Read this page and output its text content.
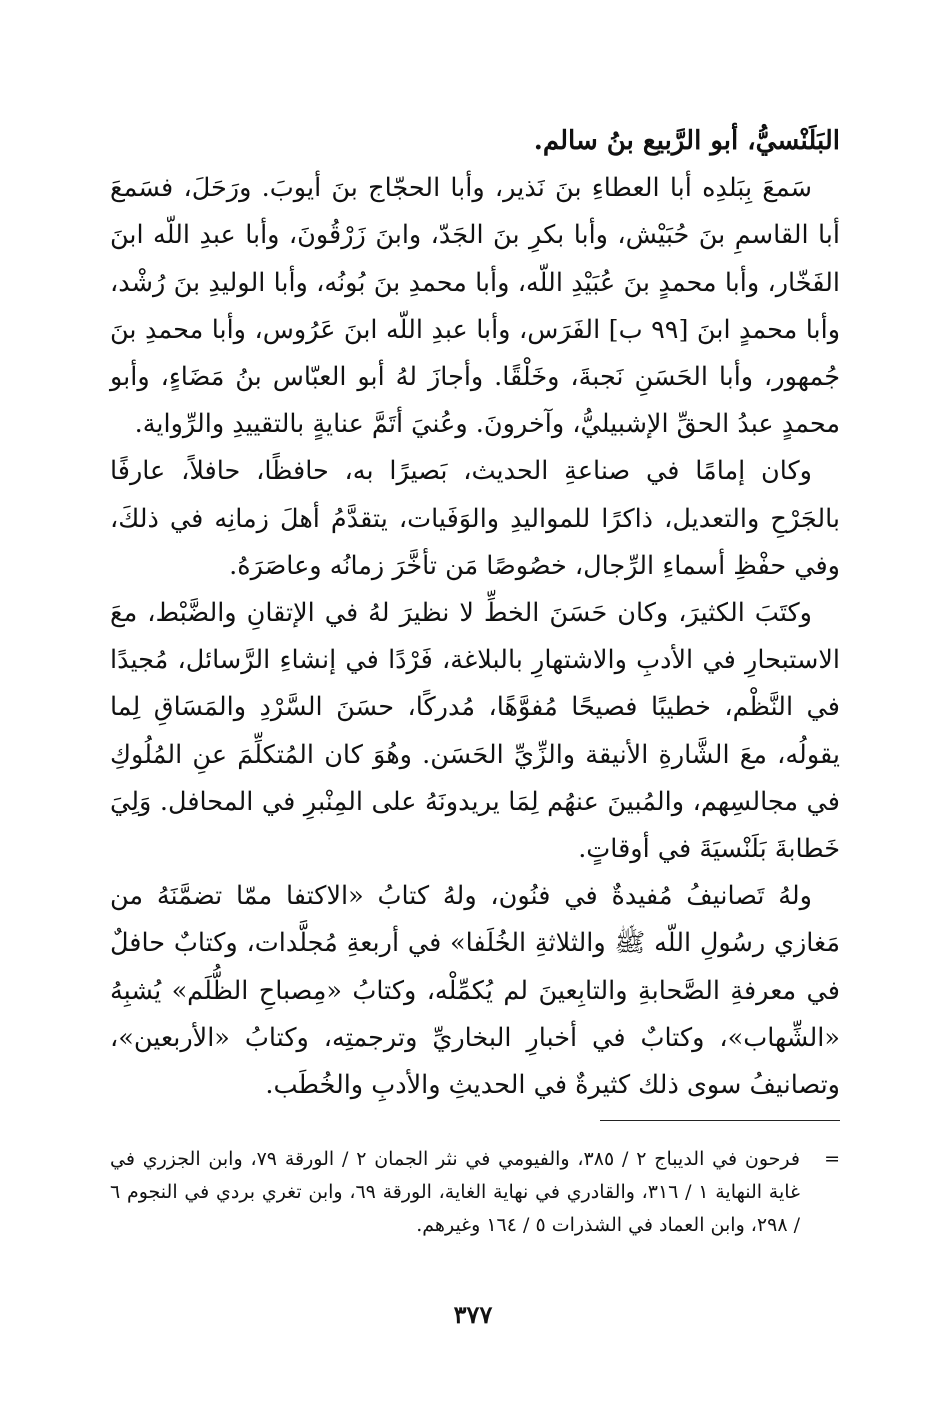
البَلَنْسيُّ، أبو الرَّبيع بنُ سالم.

سَمعَ بِبَلدِه أبا العطاءِ بنَ نَذير، وأبا الحجّاج بنَ أيوبَ. ورَحَلَ، فسَمعَ أبا القاسمِ بنَ حُبَيْش، وأبا بكرِ بنَ الجَدّ، وابنَ زَرْقُونَ، وأبا عبدِ اللّه ابنَ الفَخّار، وأبا محمدٍ بنَ عُبَيْدِ اللّه، وأبا محمدِ بنَ بُونُه، وأبا الوليدِ بنَ رُشْد، وأبا محمدٍ ابنَ [٩٩ ب] الفَرَس، وأبا عبدِ اللّه ابنَ عَرُوس، وأبا محمدِ بنَ جُمهور، وأبا الحَسَنِ نَجبةَ، وخَلْقًا. وأجازَ لهُ أبو العبّاس بنُ مَضَاءٍ، وأبو محمدٍ عبدُ الحقِّ الإشبيليُّ، وآخرونَ. وعُنيَ أتَمَّ عنايةٍ بالتقييدِ والرِّواية.

وكان إمامًا في صناعةِ الحديث، بَصيرًا به، حافظًا، حافلاً، عارفًا بالجَرْحِ والتعديل، ذاكرًا للمواليدِ والوَفَيات، يتقدَّمُ أهلَ زمانِه في ذلكَ، وفي حفْظِ أسماءِ الرِّجال، خصُوصًا مَن تأخَّرَ زمانُه وعاصَرَهُ.

وكتَبَ الكثيرَ، وكان حَسَنَ الخطِّ لا نظيرَ لهُ في الإتقانِ والضَّبْط، معَ الاستبحارِ في الأدبِ والاشتهارِ بالبلاغة، فَرْدًا في إنشاءِ الرَّسائل، مُجيدًا في النَّظْم، خطيبًا فصيحًا مُفوَّهًا، مُدركًا، حسَنَ السَّرْدِ والمَسَاقِ لِما يقولُه، معَ الشَّارةِ الأنيقة والزِّيِّ الحَسَن. وهُوَ كان المُتكلِّمَ عنِ المُلُوكِ في مجالسِهم، والمُبينَ عنهُم لِمَا يريدونَهُ على المِنْبرِ في المحافل. وَلِيَ خَطابةَ بَلَنْسيَةَ في أوقاتٍ.

ولهُ تَصانيفُ مُفيدةٌ في فنُون، ولهُ كتابُ «الاكتفا ممّا تضمَّنَهُ من مَغازي رسُولِ اللّه ﷺ والثلاثةِ الخُلَفا» في أربعةِ مُجلَّدات، وكتابٌ حافلٌ في معرفةِ الصَّحابةِ والتابِعينَ لم يُكمِّلْه، وكتابُ «مِصباحِ الظُّلَم» يُشبِهُ «الشِّهاب»، وكتابٌ في أخبارِ البخاريِّ وترجمتِه، وكتابُ «الأربعين»، وتصانيفُ سوى ذلك كثيرةٌ في الحديثِ والأدبِ والخُطَب.

=
فرحون في الديباج ٢ / ٣٨٥، والفيومي في نثر الجمان ٢ / الورقة ٧٩، وابن الجزري في غاية النهاية ١ / ٣١٦، والقادري في نهاية الغاية، الورقة ٦٩، وابن تغري بردي في النجوم ٦ / ٢٩٨، وابن العماد في الشذرات ٥ / ١٦٤ وغيرهم.
٣٧٧
